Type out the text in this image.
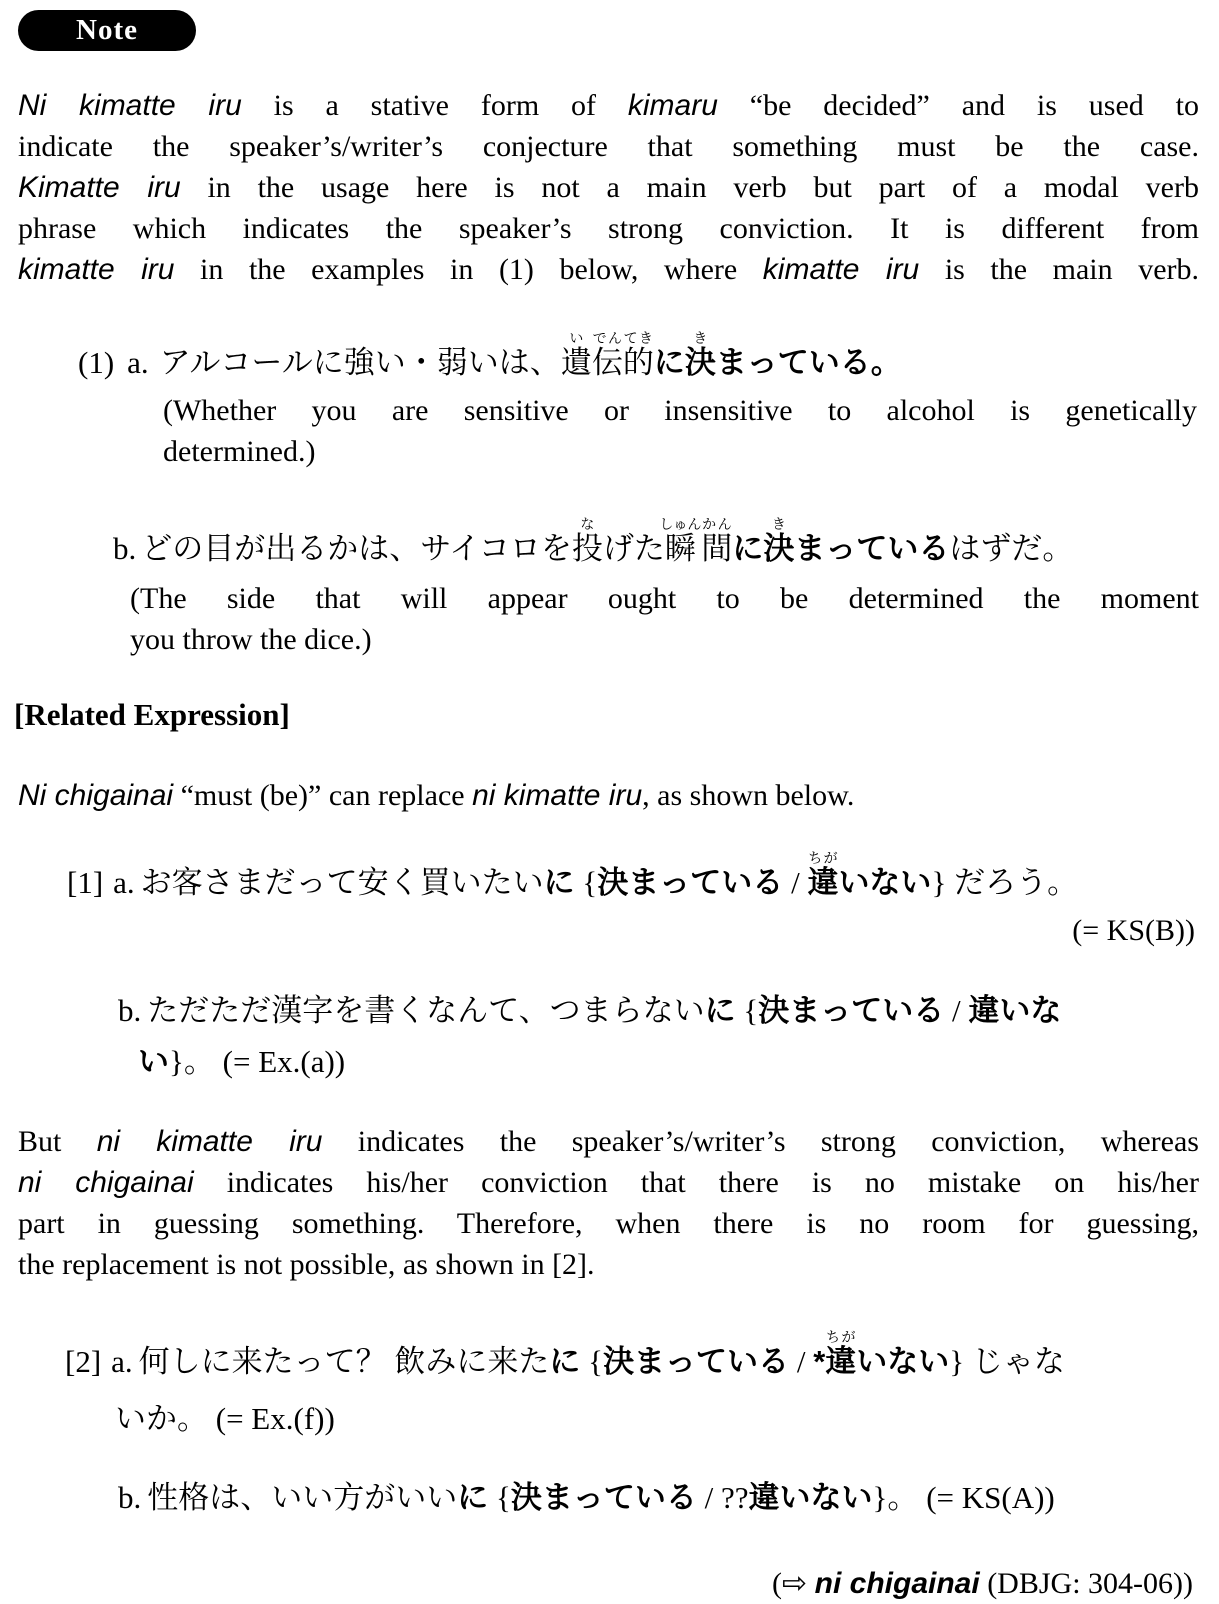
Note
Ni kimatte iru is a stative form of kimaru “be decided” and is used to
indicate the speaker’s/writer’s conjecture that something must be the case.
Kimatte iru in the usage here is not a main verb but part of a modal verb
phrase which indicates the speaker’s strong conviction. It is different from
kimatte iru in the examples in (1) below, where kimatte iru is the main verb.
(1) a. アルコールに強い・弱いは、遺い伝でん的てきに決きまっている。
(Whether you are sensitive or insensitive to alcohol is genetically
determined.)
b. どの目が出るかは、サイコロを投なげた瞬しゅん間かんに決きまっているはずだ。
(The side that will appear ought to be determined the moment
you throw the dice.)
[Related Expression]
Ni chigainai “must (be)” can replace ni kimatte iru, as shown below.
[1] a. お客さまだって安く買いたいに {決まっている / 違ちがいない} だろう。
(= KS(B))
b. ただただ漢字を書くなんて、つまらないに {決まっている / 違いな
い}。 (= Ex.(a))
But ni kimatte iru indicates the speaker’s/writer’s strong conviction, whereas
ni chigainai indicates his/her conviction that there is no mistake on his/her
part in guessing something. Therefore, when there is no room for guessing,
the replacement is not possible, as shown in [2].
[2] a. 何しに来たって？ 飲みに来たに {決まっている / *違ちがいない} じゃな
いか。 (= Ex.(f))
b. 性格は、いい方がいいに {決まっている / ??違いない}。 (= KS(A))
(⇨ ni chigainai (DBJG: 304-06))
